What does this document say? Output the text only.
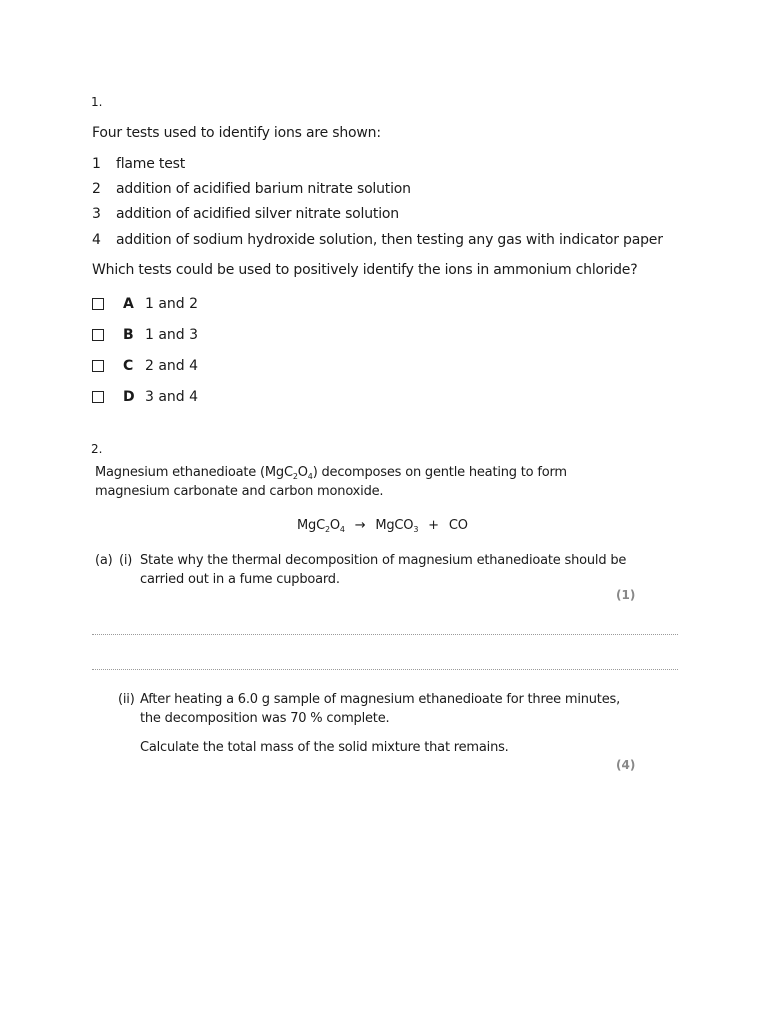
1.
Four tests used to identify ions are shown:
1 flame test
2 addition of acidified barium nitrate solution
3 addition of acidified silver nitrate solution
4 addition of sodium hydroxide solution, then testing any gas with indicator paper
Which tests could be used to positively identify the ions in ammonium chloride?
A 1 and 2
B 1 and 3
C 2 and 4
D 3 and 4
2.
Magnesium ethanedioate $(MgC_2O_4)$ decomposes on gentle heating to form
magnesium carbonate and carbon monoxide.
$MgC_2O_4$ → MgCO$_3$ + CO
(a) (i) State why the thermal decomposition of magnesium ethanedioate should be
carried out in a fume cupboard.
(1)
(ii) After heating a 6.0 g sample of magnesium ethanedioate for three minutes,
the decomposition was 70 % complete.
Calculate the total mass of the solid mixture that remains.
(4)
